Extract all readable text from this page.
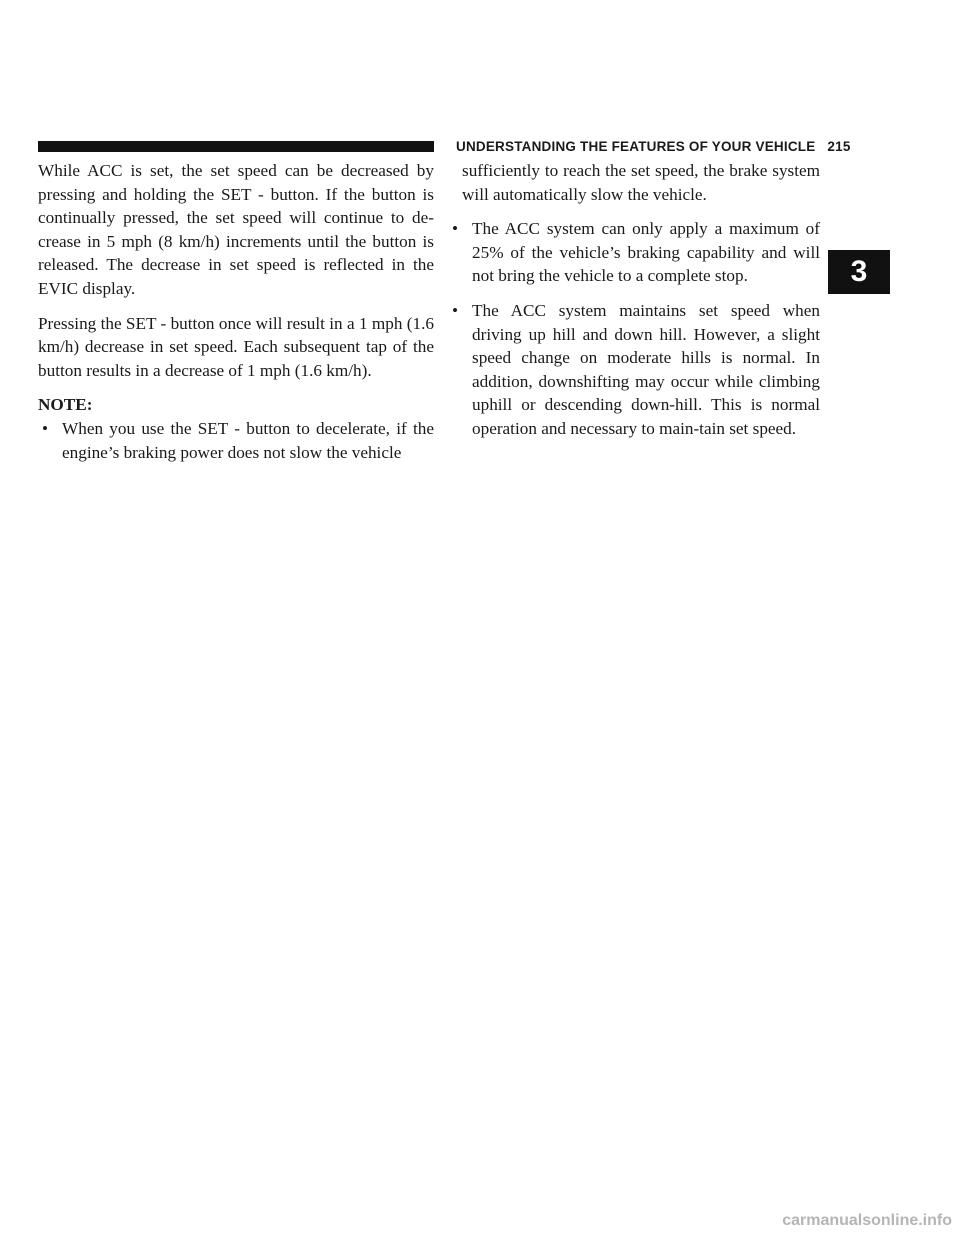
UNDERSTANDING THE FEATURES OF YOUR VEHICLE 215
3

While ACC is set, the set speed can be decreased by pressing and holding the SET - button. If the button is continually pressed, the set speed will continue to de-crease in 5 mph (8 km/h) increments until the button is released. The decrease in set speed is reflected in the EVIC display.

Pressing the SET - button once will result in a 1 mph (1.6 km/h) decrease in set speed. Each subsequent tap of the button results in a decrease of 1 mph (1.6 km/h).

NOTE:
• When you use the SET - button to decelerate, if the engine’s braking power does not slow the vehicle

sufficiently to reach the set speed, the brake system will automatically slow the vehicle.

• The ACC system can only apply a maximum of 25% of the vehicle’s braking capability and will not bring the vehicle to a complete stop.
• The ACC system maintains set speed when driving up hill and down hill. However, a slight speed change on moderate hills is normal. In addition, downshifting may occur while climbing uphill or descending down-hill. This is normal operation and necessary to main-tain set speed.
carmanualsonline.info
